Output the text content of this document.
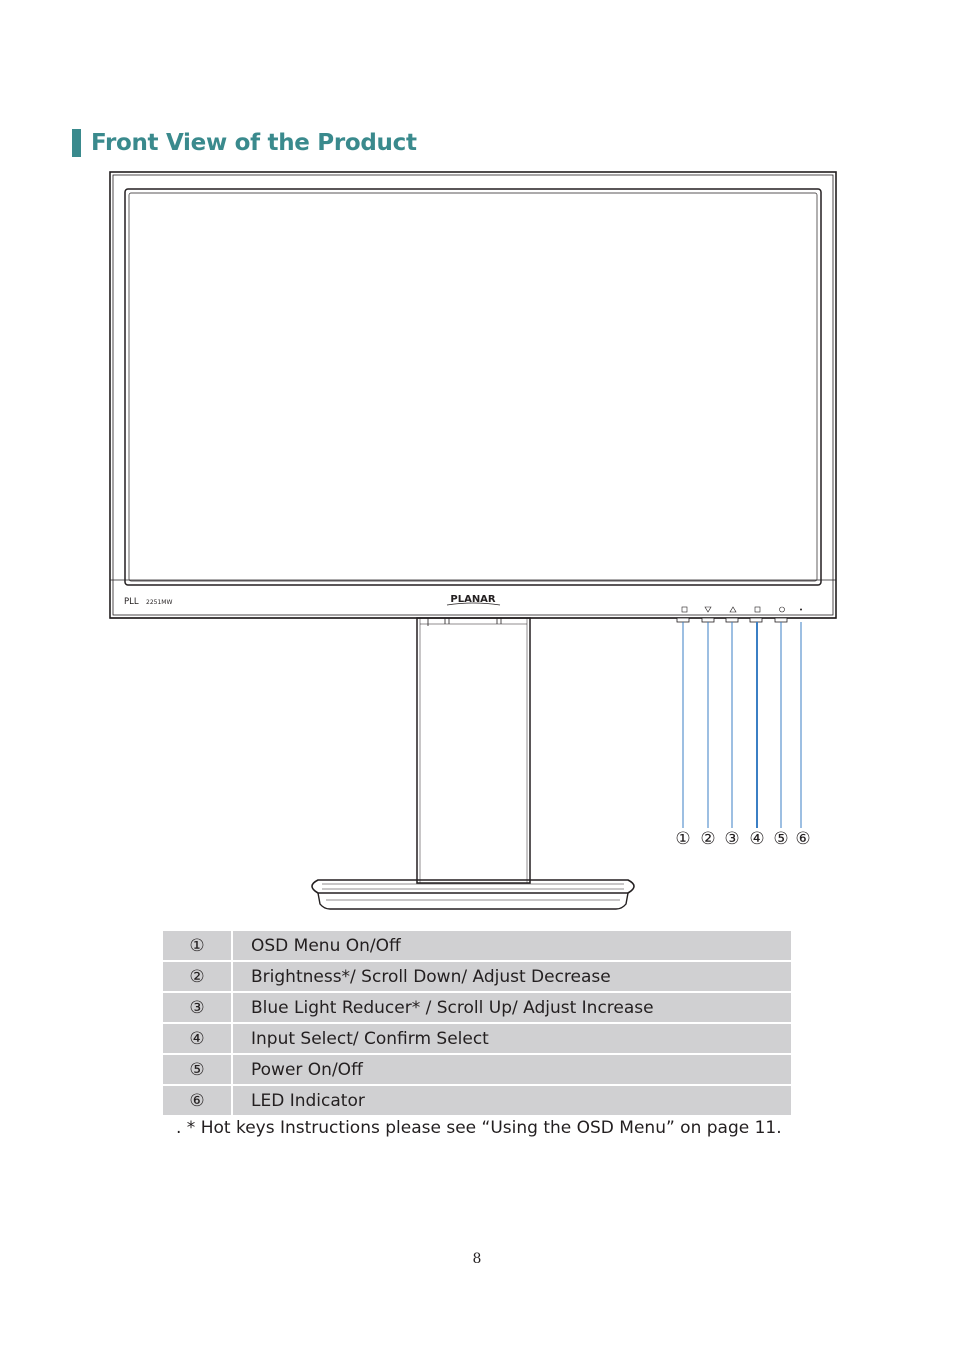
Front View of the Product
PLL 2251MW	PLANAR
① ② ③ ④ ⑤ ⑥
①	OSD Menu On/Off
②	Brightness*/ Scroll Down/ Adjust Decrease
③	Blue Light Reducer* / Scroll Up/ Adjust Increase
④	Input Select/ Confirm Select
⑤	Power On/Off
⑥	LED Indicator
. * Hot keys Instructions please see “Using the OSD Menu” on page 11.
8
